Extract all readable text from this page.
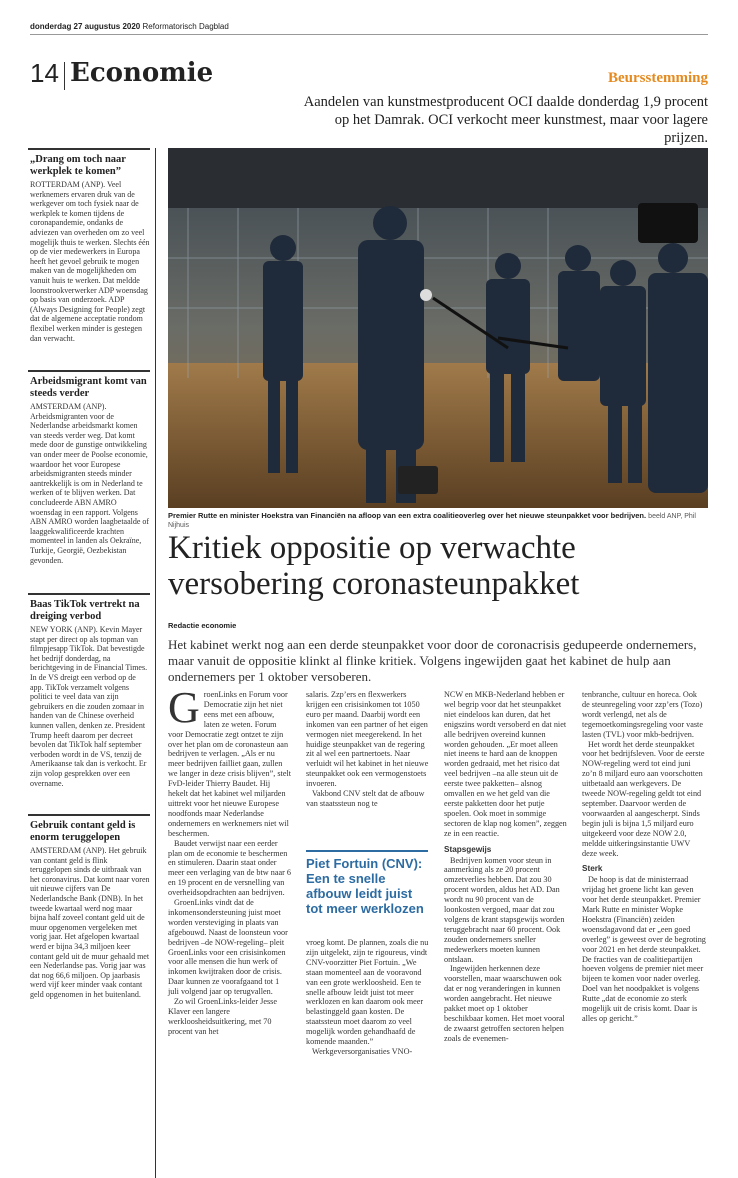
donderdag 27 augustus 2020 Reformatorisch Dagblad
14 Economie	Beursstemming
Aandelen van kunstmestproducent OCI daalde donderdag 1,9 procent op het Damrak. OCI verkocht meer kunstmest, maar voor lagere prijzen.
„Drang om toch naar werkplek te komen”

ROTTERDAM (ANP). Veel werknemers ervaren druk van de werkgever om toch fysiek naar de werkplek te komen tijdens de coronapandemie, ondanks de adviezen van overheden om zo veel mogelijk thuis te werken. Slechts één op de vier medewerkers in Europa heeft het gevoel gebruik te mogen maken van de mogelijkheden om vanuit huis te werken. Dat meldde loonstrookverwerker ADP woensdag op basis van onderzoek. ADP (Always Designing for People) zegt dat de algemene acceptatie rondom flexibel werken minder is gestegen dan verwacht.

Arbeidsmigrant komt van steeds verder

AMSTERDAM (ANP). Arbeidsmigranten voor de Nederlandse arbeidsmarkt komen van steeds verder weg. Dat komt mede door de gunstige ontwikkeling van onder meer de Poolse economie, waardoor het voor Europese arbeidsmigranten steeds minder aantrekkelijk is om in Nederland te werken of te blijven werken. Dat concludeerde ABN AMRO woensdag in een rapport. Volgens ABN AMRO worden laagbetaalde of laaggekwalificeerde krachten momenteel in landen als Oekraïne, Turkije, Georgië, Oezbekistan gevonden.

Baas TikTok vertrekt na dreiging verbod

NEW YORK (ANP). Kevin Mayer stapt per direct op als topman van filmpjesapp TikTok. Dat bevestigde het bedrijf donderdag, na berichtgeving in de Financial Times. In de VS dreigt een verbod op de app. TikTok verzamelt volgens politici te veel data van zijn gebruikers en die zouden zomaar in handen van de Chinese overheid kunnen vallen, denken ze. President Trump heeft daarom per decreet bevolen dat TikTok half september verboden wordt in de VS, tenzij de Amerikaanse tak dan is verkocht. Er zijn volop gesprekken over een overname.

Gebruik contant geld is enorm teruggelopen

AMSTERDAM (ANP). Het gebruik van contant geld is flink teruggelopen sinds de uitbraak van het coronavirus. Dat komt naar voren uit nieuwe cijfers van De Nederlandsche Bank (DNB). In het tweede kwartaal werd nog maar bijna half zoveel contant geld uit de muur opgenomen vergeleken met vorig jaar. Het afgelopen kwartaal werd er bijna 34,3 miljoen keer contant geld uit de muur gehaald met een Nederlandse pas. Vorig jaar was dat nog 66,6 miljoen. Op jaarbasis werd vijf keer minder vaak contant geld opgenomen in het buitenland.

Premier Rutte en minister Hoekstra van Financiën na afloop van een extra coalitieoverleg over het nieuwe steunpakket voor bedrijven. beeld ANP, Phil Nijhuis
Kritiek oppositie op verwachte versobering coronasteunpakket
Redactie economie
Het kabinet werkt nog aan een derde steunpakket voor door de coronacrisis gedupeerde ondernemers, maar vanuit de oppositie klinkt al flinke kritiek. Volgens ingewijden gaat het kabinet de hulp aan ondernemers per 1 oktober versoberen.

GroenLinks en Forum voor Democratie zijn het niet eens met een afbouw, laten ze weten. Forum voor Democratie zegt ontzet te zijn over het plan om de coronasteun aan bedrijven te verlagen. „Als er nu meer bedrijven failliet gaan, zullen we langer in deze crisis blijven”, stelt FvD-leider Thierry Baudet. Hij hekelt dat het kabinet wel miljarden uittrekt voor het nieuwe Europese noodfonds maar Nederlandse ondernemers en werknemers niet wil beschermen.

Baudet verwijst naar een eerder plan om de economie te beschermen en stimuleren. Daarin staat onder meer een verlaging van de btw naar 6 en 19 procent en de versnelling van overheidsopdrachten aan bedrijven.

GroenLinks vindt dat de inkomensondersteuning juist moet worden versteviging in plaats van afgebouwd. Naast de loonsteun voor bedrijven –de NOW-regeling– pleit GroenLinks voor een crisisinkomen voor alle mensen die hun werk of inkomen kwijtraken door de crisis. Daar kunnen ze voorafgaand tot 1 juli volgend jaar op terugvallen.

Zo wil GroenLinks-leider Jesse Klaver een langere werkloosheidsuitkering, met 70 procent van het

salaris. Zzp’ers en flexwerkers krijgen een crisisinkomen tot 1050 euro per maand. Daarbij wordt een inkomen van een partner of het eigen vermogen niet meegerekend. In het huidige steunpakket van de regering zit al wel een partnertoets. Naar verluidt wil het kabinet in het nieuwe steunpakket ook een vermogenstoets invoeren.

Vakbond CNV stelt dat de afbouw van staatssteun nog te

Piet Fortuin (CNV): Een te snelle afbouw leidt juist tot meer werklozen

vroeg komt. De plannen, zoals die nu zijn uitgelekt, zijn te rigoureus, vindt CNV-voorzitter Piet Fortuin. „We staan momenteel aan de vooravond van een grote werkloosheid. Een te snelle afbouw leidt juist tot meer werklozen en kan daarom ook meer belastinggeld gaan kosten. De staatssteun moet daarom zo veel mogelijk worden gehandhaafd de komende maanden.”

Werkgeversorganisaties VNO-

NCW en MKB-Nederland hebben er wel begrip voor dat het steunpakket niet eindeloos kan duren, dat het enigszins wordt versoberd en dat niet alle bedrijven overeind kunnen worden gehouden. „Er moet alleen niet ineens te hard aan de knoppen worden gedraaid, met het risico dat veel bedrijven –na alle steun uit de eerste twee pakketten– alsnog omvallen en we het geld van die eerste pakketten door het putje spoelen. Ook moet in sommige sectoren de klap nog komen”, zeggen ze in een reactie.

Stapsgewijs

Bedrijven komen voor steun in aanmerking als ze 20 procent omzetverlies hebben. Dat zou 30 procent worden, aldus het AD. Dan wordt nu 90 procent van de loonkosten vergoed, maar dat zou volgens de krant stapsgewijs worden teruggebracht naar 60 procent. Ook zouden ondernemers sneller medewerkers moeten kunnen ontslaan.

Ingewijden herkennen deze voorstellen, maar waarschuwen ook dat er nog veranderingen in kunnen worden aangebracht. Het nieuwe pakket moet op 1 oktober beschikbaar komen. Het moet vooral de zwaarst getroffen sectoren helpen zoals de evenemen-

tenbranche, cultuur en horeca. Ook de steunregeling voor zzp’ers (Tozo) wordt verlengd, net als de tegemoetkomingsregeling voor vaste lasten (TVL) voor mkb-bedrijven.

Het wordt het derde steunpakket voor het bedrijfsleven. Voor de eerste NOW-regeling werd tot eind juni zo’n 8 miljard euro aan voorschotten uitbetaald aan werkgevers. De tweede NOW-regeling geldt tot eind september. Daarvoor werden de voorwaarden al aangescherpt. Sinds begin juli is bijna 1,5 miljard euro uitgekeerd voor deze NOW 2.0, meldde uitkeringsinstantie UWV deze week.

Sterk

De hoop is dat de ministerraad vrijdag het groene licht kan geven voor het derde steunpakket. Premier Mark Rutte en minister Wopke Hoekstra (Financiën) zeiden woensdagavond dat er „een goed overleg” is geweest over de begroting voor 2021 en het derde steunpakket. De fracties van de coalitiepartijen hoeven volgens de premier niet meer bijeen te komen voor nader overleg. Doel van het noodpakket is volgens Rutte „dat de economie zo sterk mogelijk uit de crisis komt. Daar is alles op gericht.”
